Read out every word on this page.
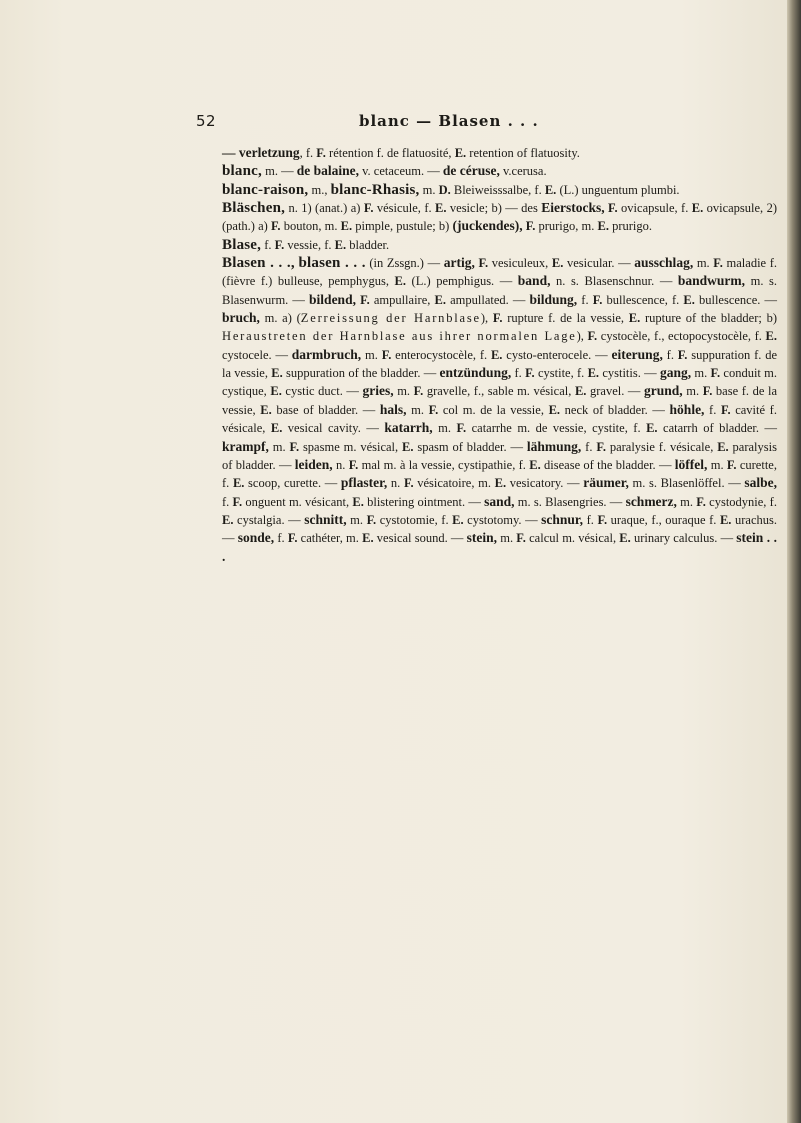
52	blanc — Blasen . . .

— verletzung, f. F. rétention f. de flatuosité, E. retention of flatuosity.

blanc, m. — de balaine, v. cetaceum. — de céruse, v.cerusa.

blanc-raison, m., blanc-Rhasis, m. D. Bleiweisssalbe, f. E. (L.) unguentum plumbi.

Bläschen, n. 1) (anat.) a) F. vésicule, f. E. vesicle; b) — des Eierstocks, F. ovicapsule, f. E. ovicapsule, 2) (path.) a) F. bouton, m. E. pimple, pustule; b) (juckendes), F. prurigo, m. E. prurigo.

Blase, f. F. vessie, f. E. bladder.

Blasen . . ., blasen . . . (in Zssgn.) — artig, F. vesiculeux, E. vesicular. — ausschlag, m. F. maladie f. (fièvre f.) bulleuse, pemphygus, E. (L.) pemphigus. — band, n. s. Blasenschnur. — bandwurm, m. s. Blasenwurm. — bildend, F. ampullaire, E. ampullated. — bildung, f. F. bullescence, f. E. bullescence. — bruch, m. a) (Zerreissung der Harnblase), F. rupture f. de la vessie, E. rupture of the bladder; b) Heraustreten der Harnblase aus ihrer normalen Lage), F. cystocèle, f., ectopocystocèle, f. E. cystocele. — darmbruch, m. F. enterocystocèle, f. E. cysto-enterocele. — eiterung, f. F. suppuration f. de la vessie, E. suppuration of the bladder. — entzündung, f. F. cystite, f. E. cystitis. — gang, m. F. conduit m. cystique, E. cystic duct. — gries, m. F. gravelle, f., sable m. vésical, E. gravel. — grund, m. F. base f. de la vessie, E. base of bladder. — hals, m. F. col m. de la vessie, E. neck of bladder. — höhle, f. F. cavité f. vésicale, E. vesical cavity. — katarrh, m. F. catarrhe m. de vessie, cystite, f. E. catarrh of bladder. — krampf, m. F. spasme m. vésical, E. spasm of bladder. — lähmung, f. F. paralysie f. vésicale, E. paralysis of bladder. — leiden, n. F. mal m. à la vessie, cystipathie, f. E. disease of the bladder. — löffel, m. F. curette, f. E. scoop, curette. — pflaster, n. F. vésicatoire, m. E. vesicatory. — räumer, m. s. Blasenlöffel. — salbe, f. F. onguent m. vésicant, E. blistering ointment. — sand, m. s. Blasengries. — schmerz, m. F. cystodynie, f. E. cystalgia. — schnitt, m. F. cystotomie, f. E. cystotomy. — schnur, f. F. uraque, f., ouraque f. E. urachus. — sonde, f. F. cathéter, m. E. vesical sound. — stein, m. F. calcul m. vésical, E. urinary calculus. — stein . . .
